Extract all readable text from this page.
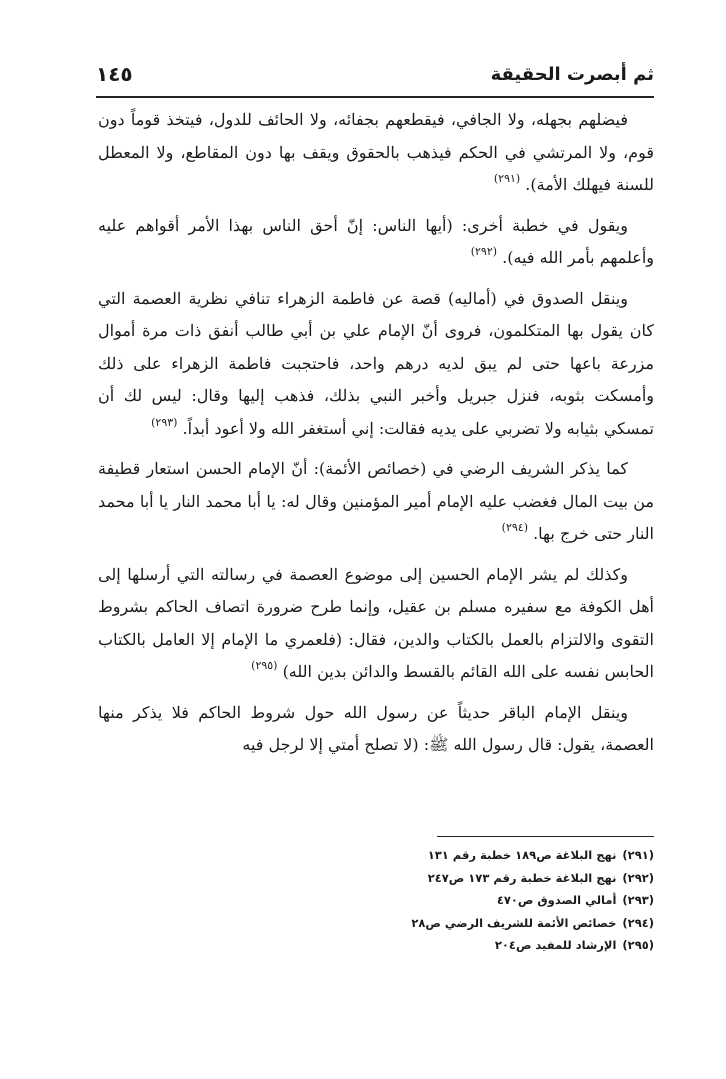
ثم أبصرت الحقيقة
١٤٥

فيضلهم بجهله، ولا الجافي، فيقطعهم بجفائه، ولا الحائف للدول، فيتخذ قوماً دون قوم، ولا المرتشي في الحكم فيذهب بالحقوق ويقف بها دون المقاطع، ولا المعطل للسنة فيهلك الأمة). $^{(٢٩١)}$

ويقول في خطبة أخرى: (أيها الناس: إنّ أحق الناس بهذا الأمر أقواهم عليه وأعلمهم بأمر الله فيه). $^{(٢٩٢)}$

وينقل الصدوق في (أماليه) قصة عن فاطمة الزهراء تنافي نظرية العصمة التي كان يقول بها المتكلمون، فروى أنّ الإمام علي بن أبي طالب أنفق ذات مرة أموال مزرعة باعها حتى لم يبق لديه درهم واحد، فاحتجبت فاطمة الزهراء على ذلك وأمسكت بثوبه، فنزل جبريل وأخبر النبي بذلك، فذهب إليها وقال: ليس لك أن تمسكي بثيابه ولا تضربي على يديه فقالت: إني أستغفر الله ولا أعود أبداً. $^{(٢٩٣)}$

كما يذكر الشريف الرضي في (خصائص الأئمة): أنّ الإمام الحسن استعار قطيفة من بيت المال فغضب عليه الإمام أمير المؤمنين وقال له: يا أبا محمد النار يا أبا محمد النار حتى خرج بها. $^{(٢٩٤)}$

وكذلك لم يشر الإمام الحسين إلى موضوع العصمة في رسالته التي أرسلها إلى أهل الكوفة مع سفيره مسلم بن عقيل، وإنما طرح ضرورة اتصاف الحاكم بشروط التقوى والالتزام بالعمل بالكتاب والدين، فقال: (فلعمري ما الإمام إلا العامل بالكتاب الحابس نفسه على الله القائم بالقسط والدائن بدين الله) $^{(٢٩٥)}$

وينقل الإمام الباقر حديثاً عن رسول الله حول شروط الحاكم فلا يذكر منها العصمة، يقول: قال رسول الله ﷺ: (لا تصلح أمتي إلا لرجل فيه

(٢٩١)نهج البلاغة ص١٨٩ خطبة رقم ١٣١
(٢٩٢)نهج البلاغة خطبة رقم ١٧٣ ص٢٤٧
(٢٩٣)أمالي الصدوق ص٤٧٠
(٢٩٤)خصائص الأئمة للشريف الرضي ص٢٨
(٢٩٥)الإرشاد للمفيد ص٢٠٤
